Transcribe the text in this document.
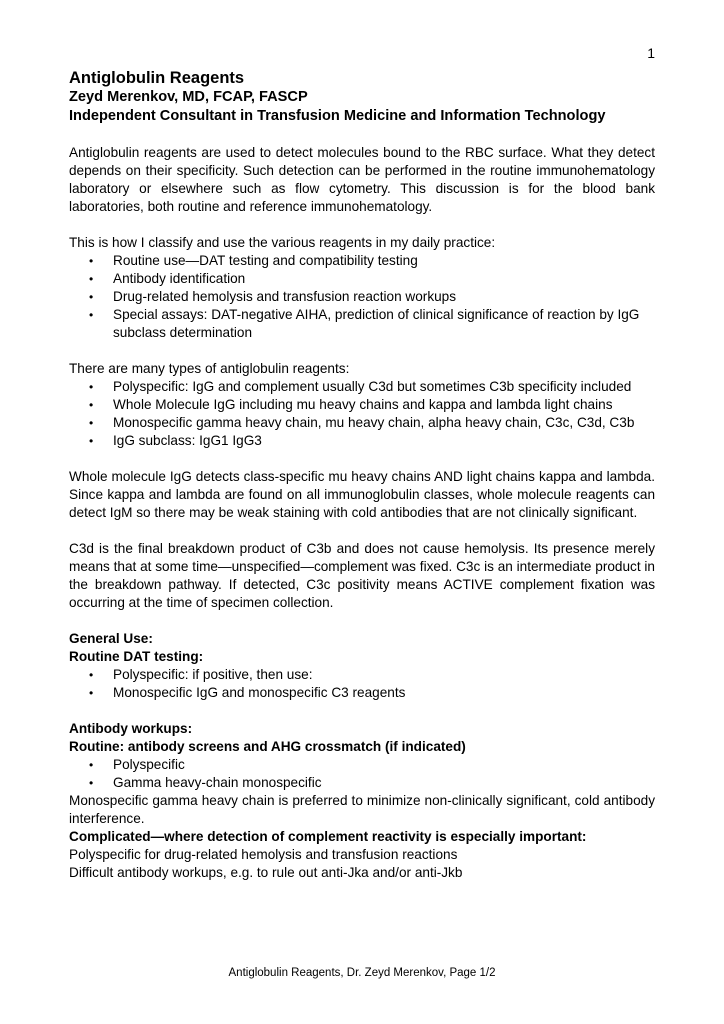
1
Antiglobulin Reagents
Zeyd Merenkov, MD, FCAP, FASCP
Independent Consultant in Transfusion Medicine and Information Technology

Antiglobulin reagents are used to detect molecules bound to the RBC surface. What they detect depends on their specificity. Such detection can be performed in the routine immunohematology laboratory or elsewhere such as flow cytometry. This discussion is for the blood bank laboratories, both routine and reference immunohematology.

This is how I classify and use the various reagents in my daily practice:

• Routine use—DAT testing and compatibility testing
• Antibody identification
• Drug-related hemolysis and transfusion reaction workups
• Special assays: DAT-negative AIHA, prediction of clinical significance of reaction by IgG subclass determination

There are many types of antiglobulin reagents:

• Polyspecific: IgG and complement usually C3d but sometimes C3b specificity included
• Whole Molecule IgG including mu heavy chains and kappa and lambda light chains
• Monospecific gamma heavy chain, mu heavy chain, alpha heavy chain, C3c, C3d, C3b
• IgG subclass: IgG1 IgG3

Whole molecule IgG detects class-specific mu heavy chains AND light chains kappa and lambda. Since kappa and lambda are found on all immunoglobulin classes, whole molecule reagents can detect IgM so there may be weak staining with cold antibodies that are not clinically significant.

C3d is the final breakdown product of C3b and does not cause hemolysis. Its presence merely means that at some time—unspecified—complement was fixed. C3c is an intermediate product in the breakdown pathway. If detected, C3c positivity means ACTIVE complement fixation was occurring at the time of specimen collection.

General Use:

Routine DAT testing:

• Polyspecific: if positive, then use:
• Monospecific IgG and monospecific C3 reagents

Antibody workups:

Routine: antibody screens and AHG crossmatch (if indicated)

• Polyspecific
• Gamma heavy-chain monospecific

Monospecific gamma heavy chain is preferred to minimize non-clinically significant, cold antibody interference.

Complicated—where detection of complement reactivity is especially important:

Polyspecific for drug-related hemolysis and transfusion reactions

Difficult antibody workups, e.g. to rule out anti-Jka and/or anti-Jkb

Antiglobulin Reagents, Dr. Zeyd Merenkov, Page 1/2
